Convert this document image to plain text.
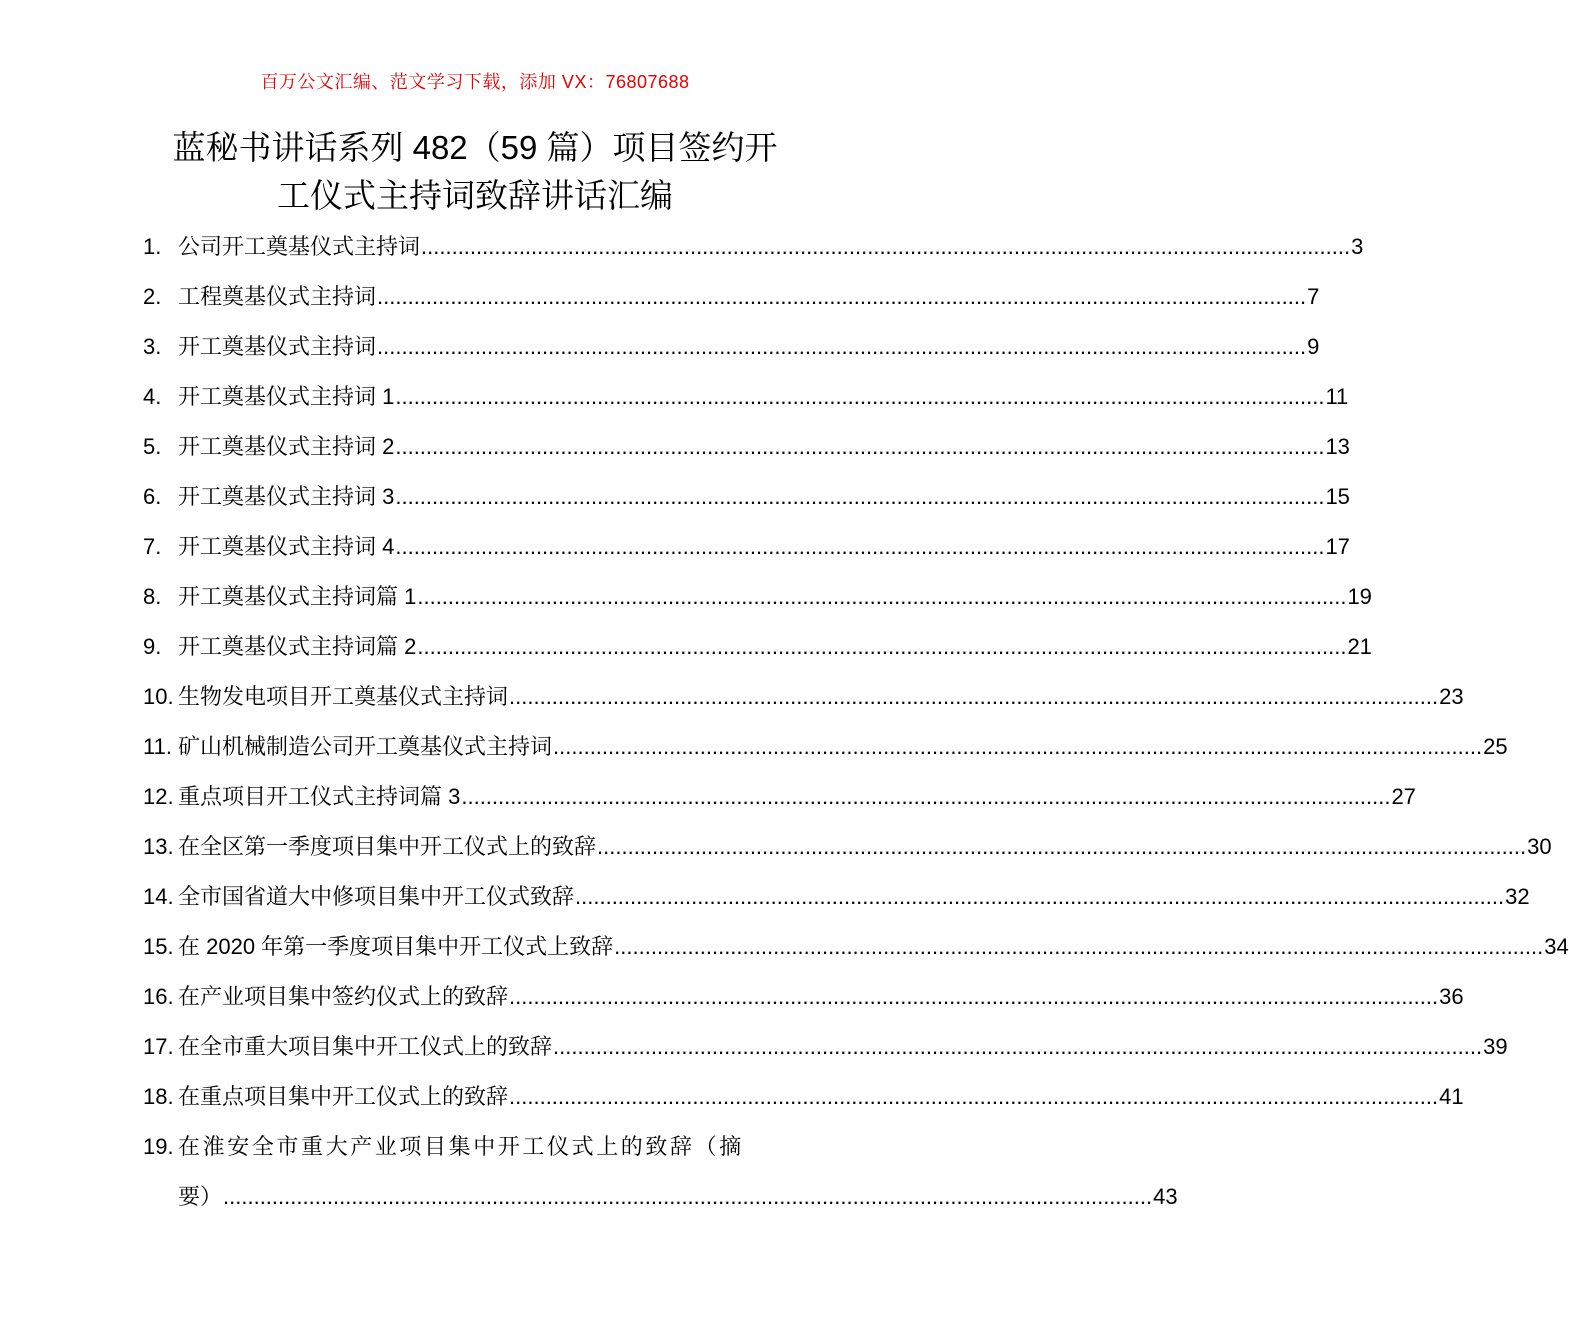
百万公文汇编、范文学习下载，添加 VX：76807688
蓝秘书讲话系列 482（59 篇）项目签约开
工仪式主持词致辞讲话汇编
1. 公司开工奠基仪式主持词 .....	3
2. 工程奠基仪式主持词 .....	7
3. 开工奠基仪式主持词 .....	9
4. 开工奠基仪式主持词 1 .....	11
5. 开工奠基仪式主持词 2 .....	13
6. 开工奠基仪式主持词 3 .....	15
7. 开工奠基仪式主持词 4 .....	17
8. 开工奠基仪式主持词篇 1 .....	19
9. 开工奠基仪式主持词篇 2 .....	21
10. 生物发电项目开工奠基仪式主持词 .....	23
11. 矿山机械制造公司开工奠基仪式主持词 .....	25
12. 重点项目开工仪式主持词篇 3 .....	27
13. 在全区第一季度项目集中开工仪式上的致辞 .....	30
14. 全市国省道大中修项目集中开工仪式致辞 .....	32
15. 在 2020 年第一季度项目集中开工仪式上致辞 .....	34
16. 在产业项目集中签约仪式上的致辞 .....	36
17. 在全市重大项目集中开工仪式上的致辞 .....	39
18. 在重点项目集中开工仪式上的致辞 .....	41
19. 在淮安全市重大产业项目集中开工仪式上的致辞（摘
要） .....	43
